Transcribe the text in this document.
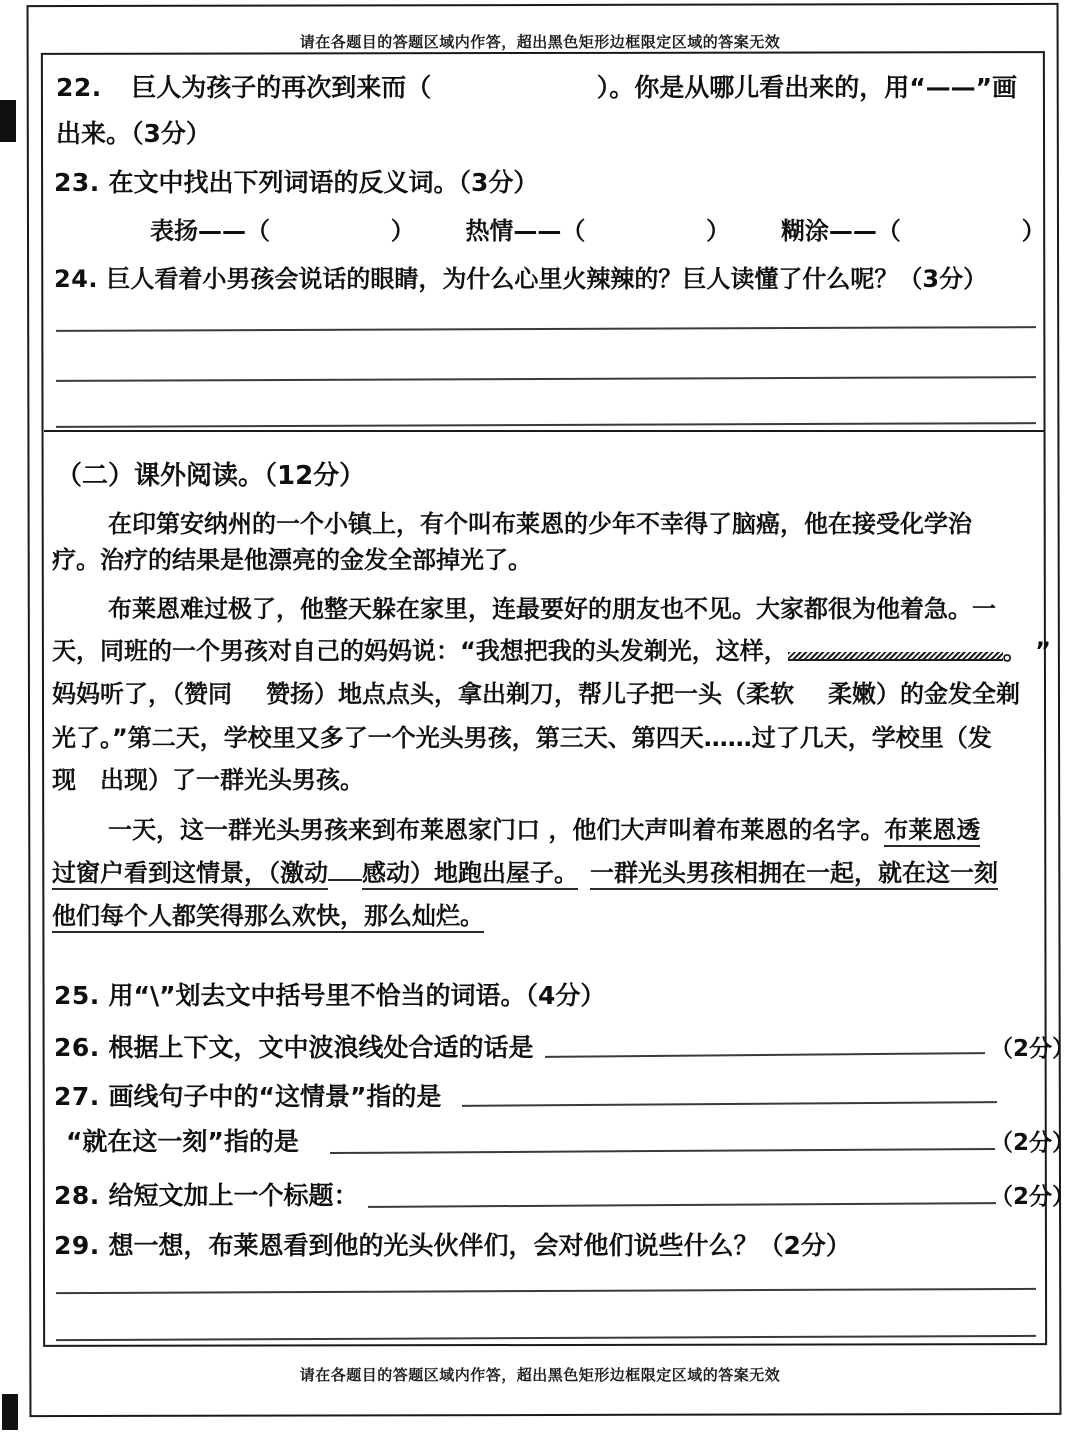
请在各题目的答题区域内作答，超出黑色矩形边框限定区域的答案无效
请在各题目的答题区域内作答，超出黑色矩形边框限定区域的答案无效
22. 巨人为孩子的再次到来而（	）。你是从哪儿看出来的，用“——”画
出来。（3分）
23. 在文中找出下列词语的反义词。（3分）
表扬——（	） 热情——（	） 糊涂——（	）
24. 巨人看着小男孩会说话的眼睛，为什么心里火辣辣的？巨人读懂了什么呢？（3分）
（二）课外阅读。（12分）
在印第安纳州的一个小镇上，有个叫布莱恩的少年不幸得了脑癌，他在接受化学治
疗。治疗的结果是他漂亮的金发全部掉光了。
布莱恩难过极了，他整天躲在家里，连最要好的朋友也不见。大家都很为他着急。一
天，同班的一个男孩对自己的妈妈说：“我想把我的头发剃光，这样，	。 ”
妈妈听了，（赞同 赞扬）地点点头，拿出剃刀，帮儿子把一头（柔软 柔嫩）的金发全剃
光了。”第二天，学校里又多了一个光头男孩，第三天、第四天……过了几天，学校里（发
现　出现）了一群光头男孩。
一天，这一群光头男孩来到布莱恩家门口 ，他们大声叫着布莱恩的名字。布莱恩透
过窗户看到这情景，（激动 感动）地跑出屋子。 一群光头男孩相拥在一起，就在这一刻
他们每个人都笑得那么欢快，那么灿烂。
25. 用“\”划去文中括号里不恰当的词语。（4分）
26. 根据上下文，文中波浪线处合适的话是	（2分）
27. 画线句子中的“这情景”指的是
“就在这一刻”指的是	（2分）
28. 给短文加上一个标题：	（2分）
29. 想一想，布莱恩看到他的光头伙伴们，会对他们说些什么？（2分）
